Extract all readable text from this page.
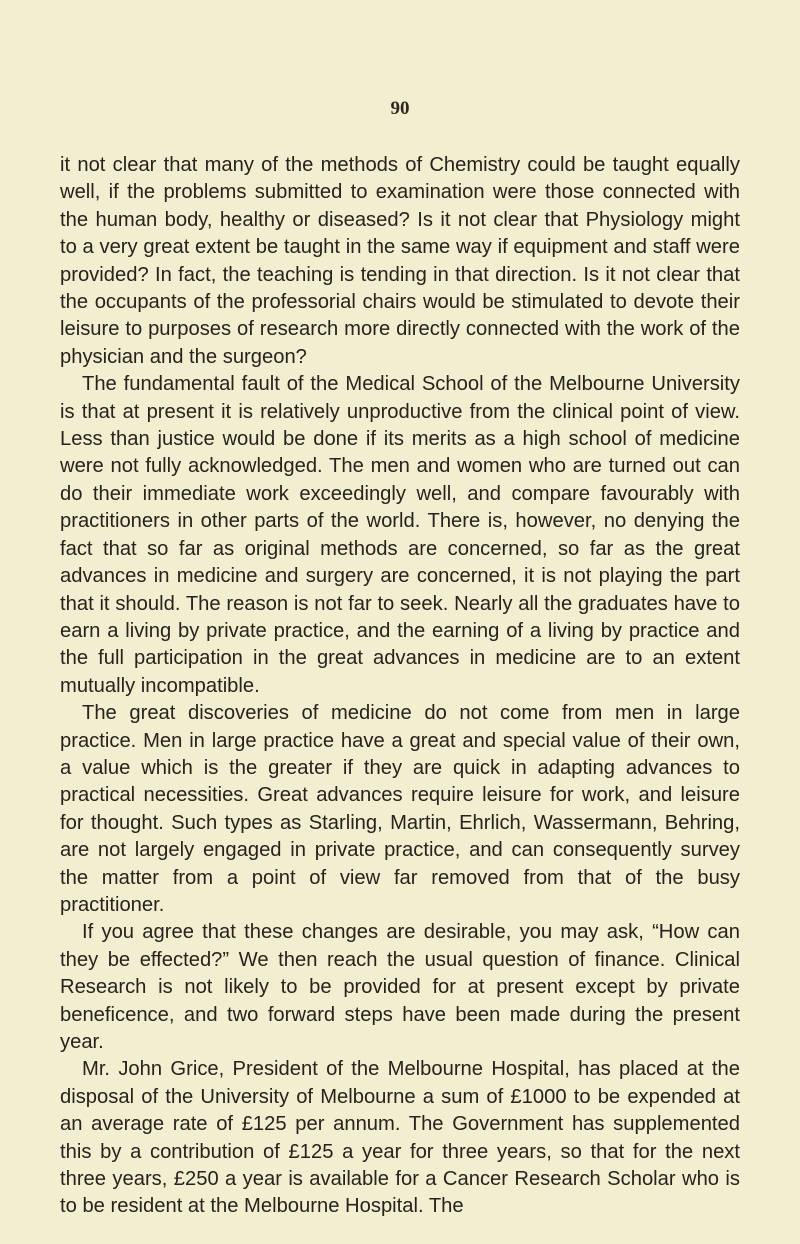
90

it not clear that many of the methods of Chemistry could be taught equally well, if the problems submitted to examination were those connected with the human body, healthy or diseased? Is it not clear that Physiology might to a very great extent be taught in the same way if equipment and staff were provided? In fact, the teaching is tending in that direction. Is it not clear that the occupants of the professorial chairs would be stimulated to devote their leisure to purposes of research more directly connected with the work of the physician and the surgeon?

The fundamental fault of the Medical School of the Melbourne University is that at present it is relatively unproductive from the clinical point of view. Less than justice would be done if its merits as a high school of medicine were not fully acknowledged. The men and women who are turned out can do their immediate work exceedingly well, and compare favourably with practitioners in other parts of the world. There is, however, no denying the fact that so far as original methods are concerned, so far as the great advances in medicine and surgery are concerned, it is not playing the part that it should. The reason is not far to seek. Nearly all the graduates have to earn a living by private practice, and the earning of a living by practice and the full participation in the great advances in medicine are to an extent mutually incompatible.

The great discoveries of medicine do not come from men in large practice. Men in large practice have a great and special value of their own, a value which is the greater if they are quick in adapting advances to practical necessities. Great advances require leisure for work, and leisure for thought. Such types as Starling, Martin, Ehrlich, Wassermann, Behring, are not largely engaged in private practice, and can consequently survey the matter from a point of view far removed from that of the busy practitioner.

If you agree that these changes are desirable, you may ask, “How can they be effected?” We then reach the usual question of finance. Clinical Research is not likely to be provided for at present except by private beneficence, and two forward steps have been made during the present year.

Mr. John Grice, President of the Melbourne Hospital, has placed at the disposal of the University of Melbourne a sum of £1000 to be expended at an average rate of £125 per annum. The Government has supplemented this by a contribution of £125 a year for three years, so that for the next three years, £250 a year is available for a Cancer Research Scholar who is to be resident at the Melbourne Hospital. The
